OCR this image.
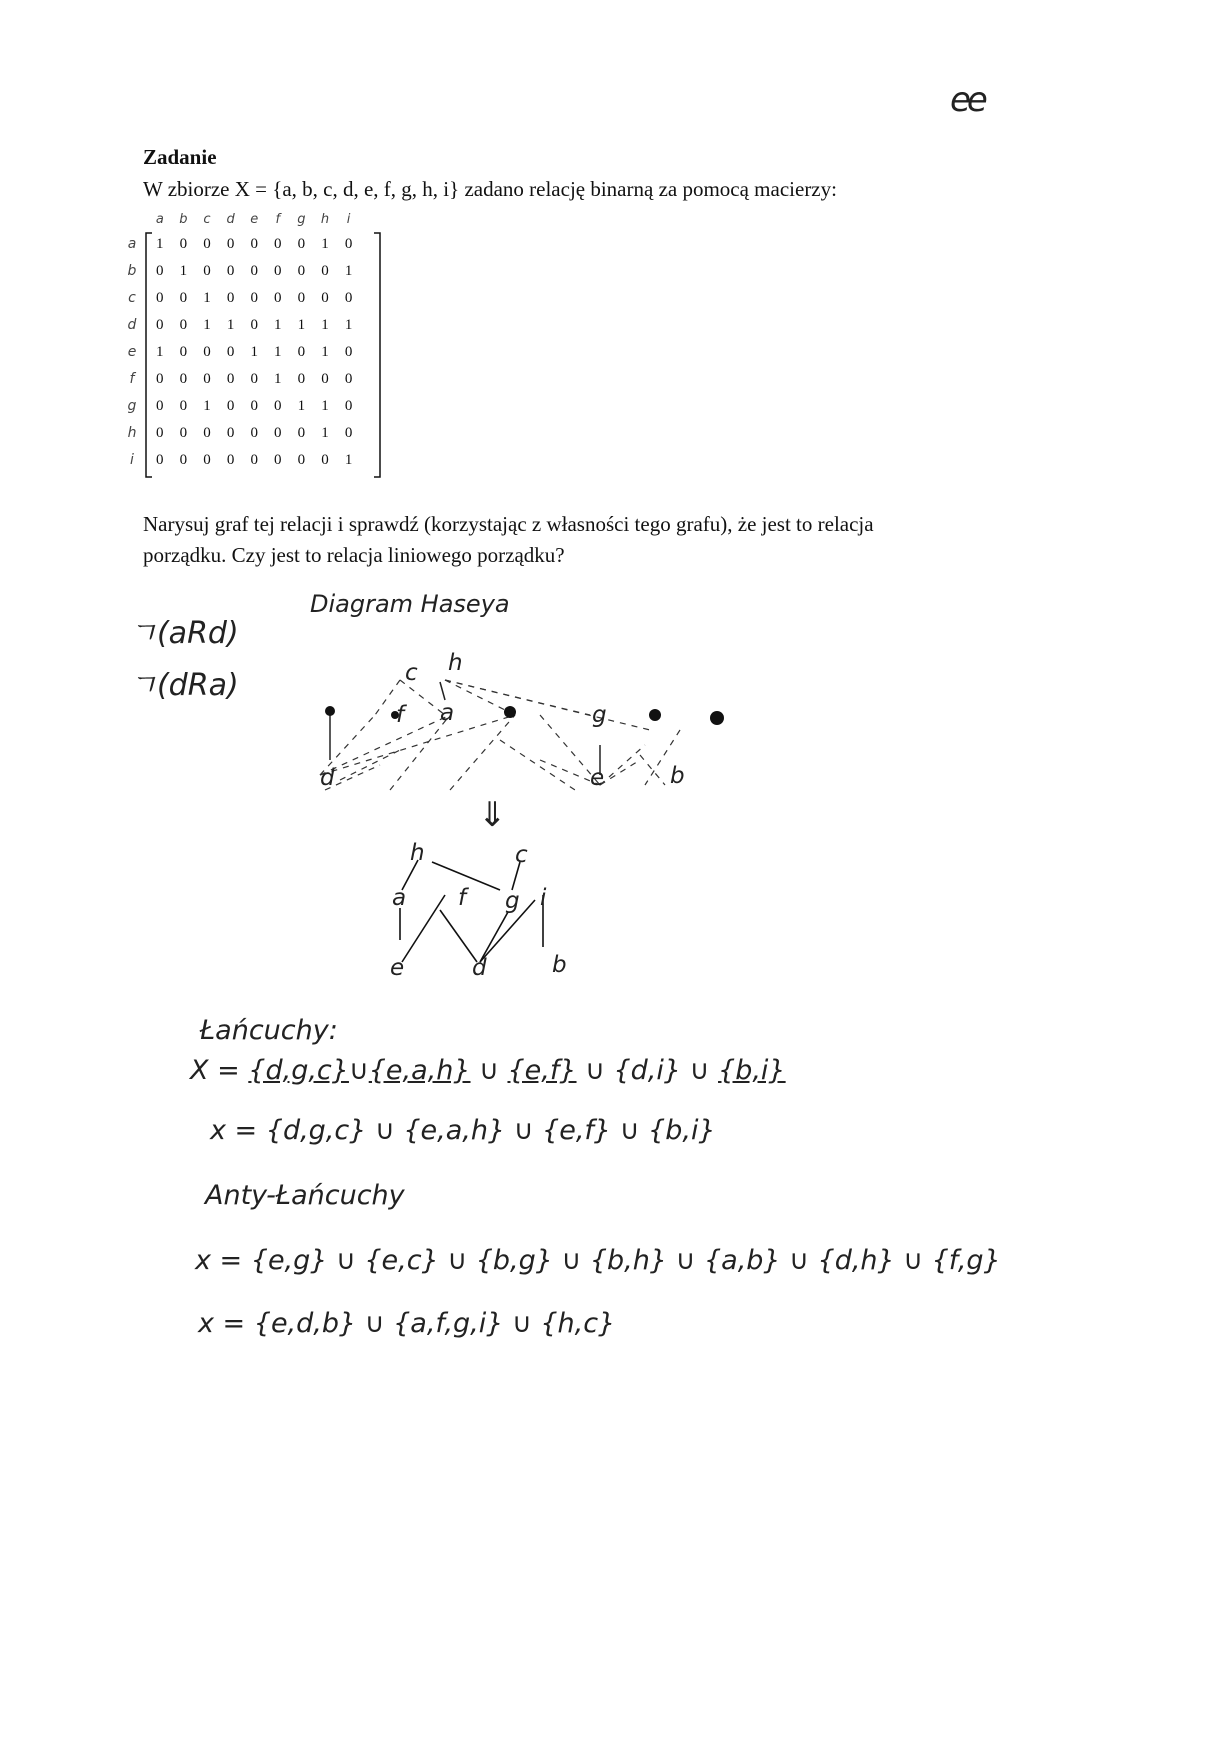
ee
Zadanie
W zbiorze X = {a, b, c, d, e, f, g, h, i} zadano relację binarną za pomocą macierzy:
a	b	c	d	e	f	g	h	i
a	1	0	0	0	0	0	0	1	0
b	0	1	0	0	0	0	0	0	1
c	0	0	1	0	0	0	0	0	0
d	0	0	1	1	0	1	1	1	1
e	1	0	0	0	1	1	0	1	0
f	0	0	0	0	0	1	0	0	0
g	0	0	1	0	0	0	1	1	0
h	0	0	0	0	0	0	0	1	0
i	0	0	0	0	0	0	0	0	1
Narysuj graf tej relacji i sprawdź (korzystając z własności tego grafu), że jest to relacja
porządku. Czy jest to relacja liniowego porządku?
ㄱ(aRd)
ㄱ(dRa)
Diagram Haseya
h
c
f	g
a
d	b
e
⇓
h	c
a f g i
e	d	b
Łańcuchy:
X = {d,g,c}∪{e,a,h} ∪ {e,f} ∪ {d,i} ∪ {b,i}
x = {d,g,c} ∪ {e,a,h} ∪ {e,f} ∪ {b,i}
Anty-Łańcuchy
x = {e,g} ∪ {e,c} ∪ {b,g} ∪ {b,h} ∪ {a,b} ∪ {d,h} ∪ {f,g}
x = {e,d,b} ∪ {a,f,g,i} ∪ {h,c}
